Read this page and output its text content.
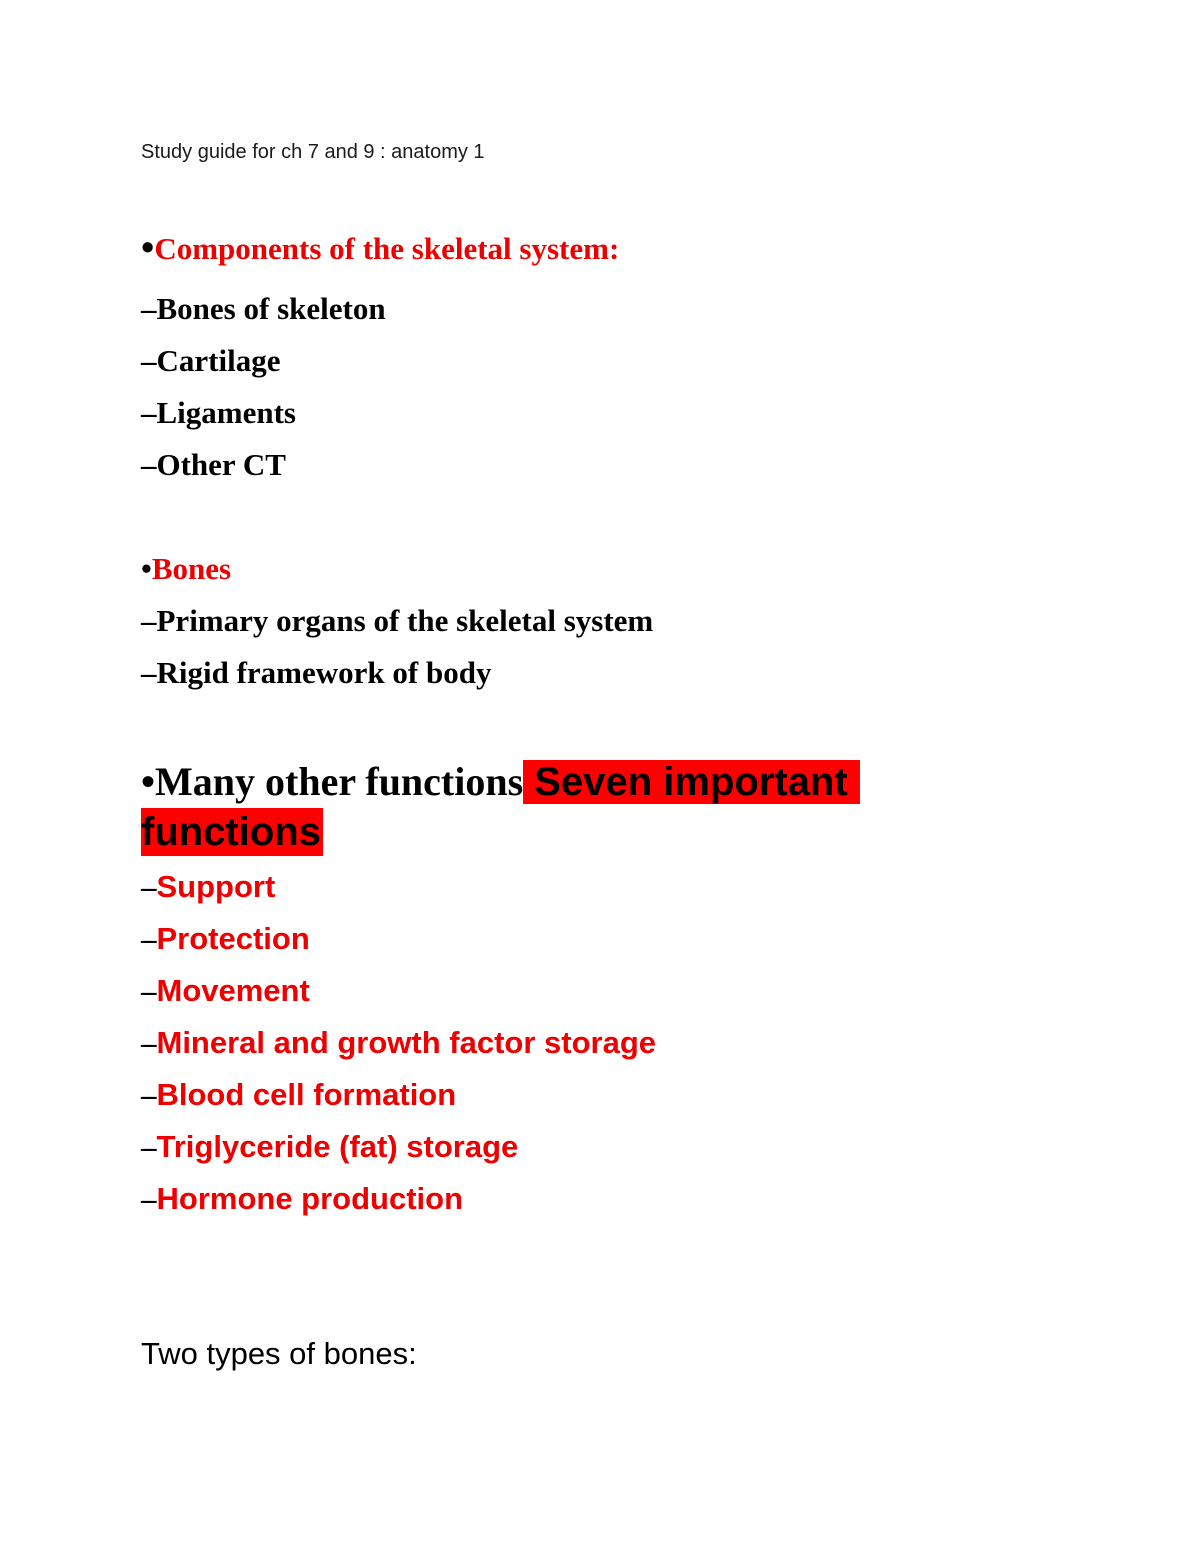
Study guide for ch 7 and 9 : anatomy 1
•Components of the skeletal system:
–Bones of skeleton
–Cartilage
–Ligaments
–Other CT
•Bones
–Primary organs of the skeletal system
–Rigid framework of body
•Many other functions Seven important
functions
–Support
–Protection
–Movement
–Mineral and growth factor storage
–Blood cell formation
–Triglyceride (fat) storage
–Hormone production
Two types of bones:
